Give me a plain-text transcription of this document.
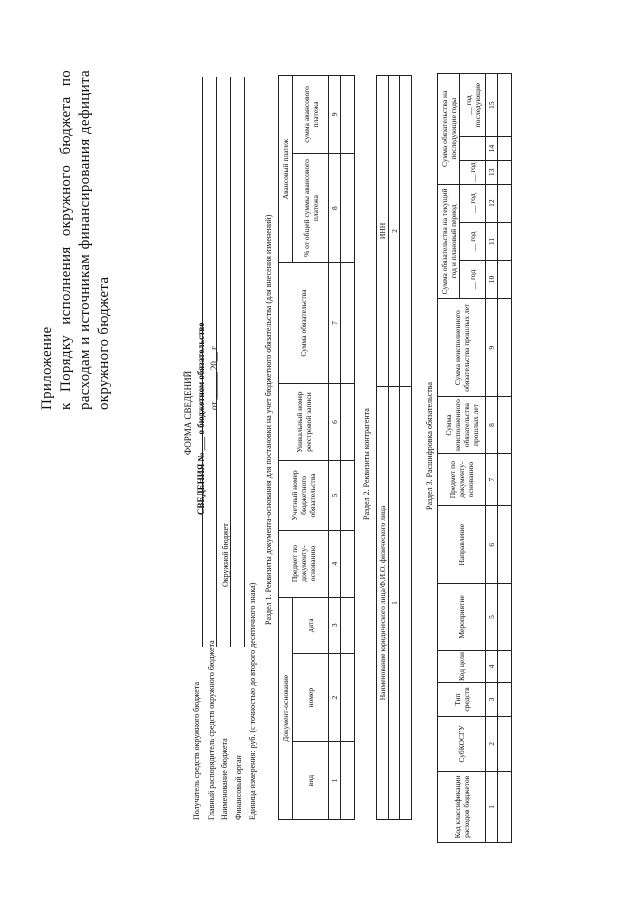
Приложение к Порядку исполнения окружного бюджета по расходам и источникам финансирования дефицита окружного бюджета
ФОРМА СВЕДЕНИЙ СВЕДЕНИЯ № ___ о бюджетном обязательстве от ______ 20__ г.
Получатель средств окружного бюджета Главный распорядитель средств окружного бюджета Наименование бюджета
Окружной бюджет
Финансовый орган Единица измерения: руб. (с точностью до второго десятичного знака)
Раздел 1. Реквизиты документа-основания для постановки на учет бюджетного обязательства (для внесения изменений)
Документ-основание			Предмет по документу-основанию	Учетный номер бюджетного обязательства	Уникальный номер реестровой записи	Сумма обязательства	Авансовый платеж	
вид	номер	дата					% от общей суммы авансового платежа	сумма авансового платежа
1	2	3	4	5	6	7	8	9

Раздел 2. Реквизиты контрагента
Наименование юридического лица/Ф.И.О. физического лица	ИНН
1	2

Раздел 3. Расшифровка обязательства
Код классификации расходов бюджетов	СубКОСГУ	Тип средств	Код цели	Мероприятие	Направление	Предмет по документу-основанию	Сумма неисполненного обязательства прошлых лет	Сумма неисполненного обязательства прошлых лет	Сумма обязательства на текущий год и плановый период			Сумма обязательства на последующие годы		
									__ год	__ год	__ год	__ год		__ год последующие
1	2	3	4	5	6	7	8	9	10	11	12	13	14	15
